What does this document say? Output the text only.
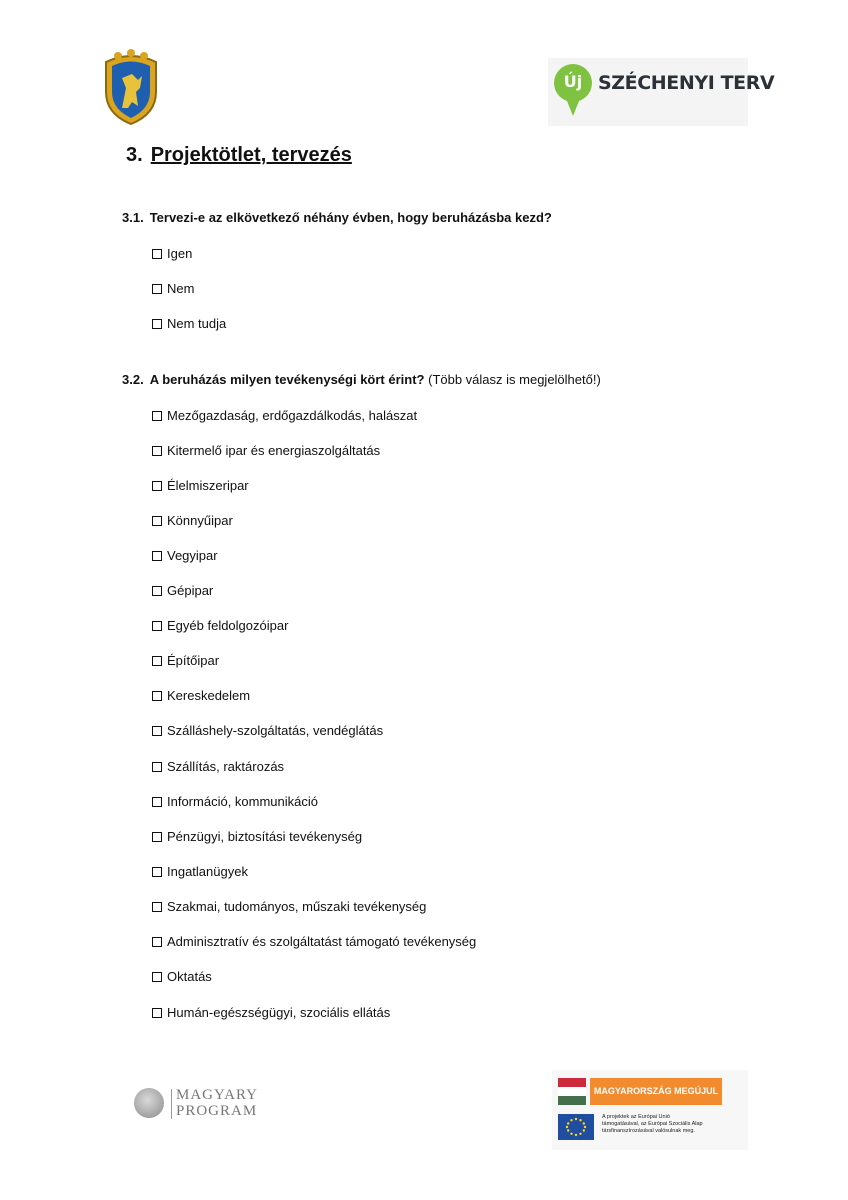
Új SZÉCHENYI TERV
3. Projektötlet, tervezés
3.1. Tervezi-e az elkövetkező néhány évben, hogy beruházásba kezd?
Igen
Nem
Nem tudja
3.2. A beruházás milyen tevékenységi kört érint? (Több válasz is megjelölhető!)
Mezőgazdaság, erdőgazdálkodás, halászat
Kitermelő ipar és energiaszolgáltatás
Élelmiszeripar
Könnyűipar
Vegyipar
Gépipar
Egyéb feldolgozóipar
Építőipar
Kereskedelem
Szálláshely-szolgáltatás, vendéglátás
Szállítás, raktározás
Információ, kommunikáció
Pénzügyi, biztosítási tevékenység
Ingatlanügyek
Szakmai, tudományos, műszaki tevékenység
Adminisztratív és szolgáltatást támogató tevékenység
Oktatás
Humán-egészségügyi, szociális ellátás
MAGYARY
PROGRAM
MAGYARORSZÁG MEGÚJUL
A projektek az Európai Unió
támogatásával, az Európai Szociális Alap
társfinanszírozásával valósulnak meg.
